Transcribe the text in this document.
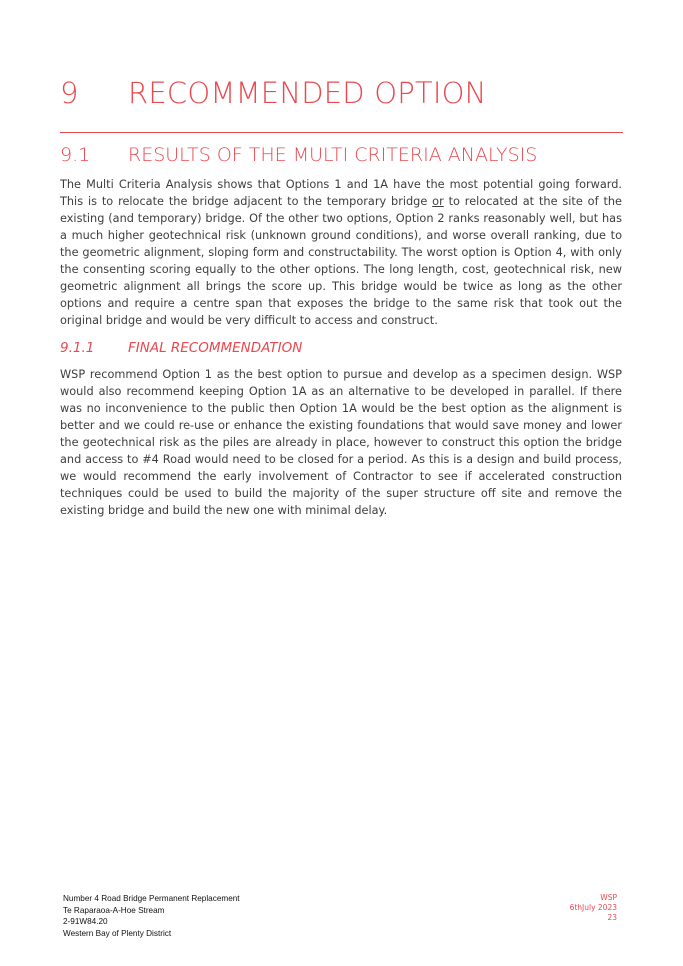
9 RECOMMENDED OPTION
9.1 RESULTS OF THE MULTI CRITERIA ANALYSIS
The Multi Criteria Analysis shows that Options 1 and 1A have the most potential going forward. This is to relocate the bridge adjacent to the temporary bridge or to relocated at the site of the existing (and temporary) bridge. Of the other two options, Option 2 ranks reasonably well, but has a much higher geotechnical risk (unknown ground conditions), and worse overall ranking, due to the geometric alignment, sloping form and constructability. The worst option is Option 4, with only the consenting scoring equally to the other options. The long length, cost, geotechnical risk, new geometric alignment all brings the score up. This bridge would be twice as long as the other options and require a centre span that exposes the bridge to the same risk that took out the original bridge and would be very difficult to access and construct.
9.1.1 FINAL RECOMMENDATION
WSP recommend Option 1 as the best option to pursue and develop as a specimen design. WSP would also recommend keeping Option 1A as an alternative to be developed in parallel. If there was no inconvenience to the public then Option 1A would be the best option as the alignment is better and we could re-use or enhance the existing foundations that would save money and lower the geotechnical risk as the piles are already in place, however to construct this option the bridge and access to #4 Road would need to be closed for a period. As this is a design and build process, we would recommend the early involvement of Contractor to see if accelerated construction techniques could be used to build the majority of the super structure off site and remove the existing bridge and build the new one with minimal delay.
Number 4 Road Bridge Permanent Replacement
Te Raparaoa-A-Hoe Stream
2-91W84.20
Western Bay of Plenty District
WSP
6thJuly 2023
23
